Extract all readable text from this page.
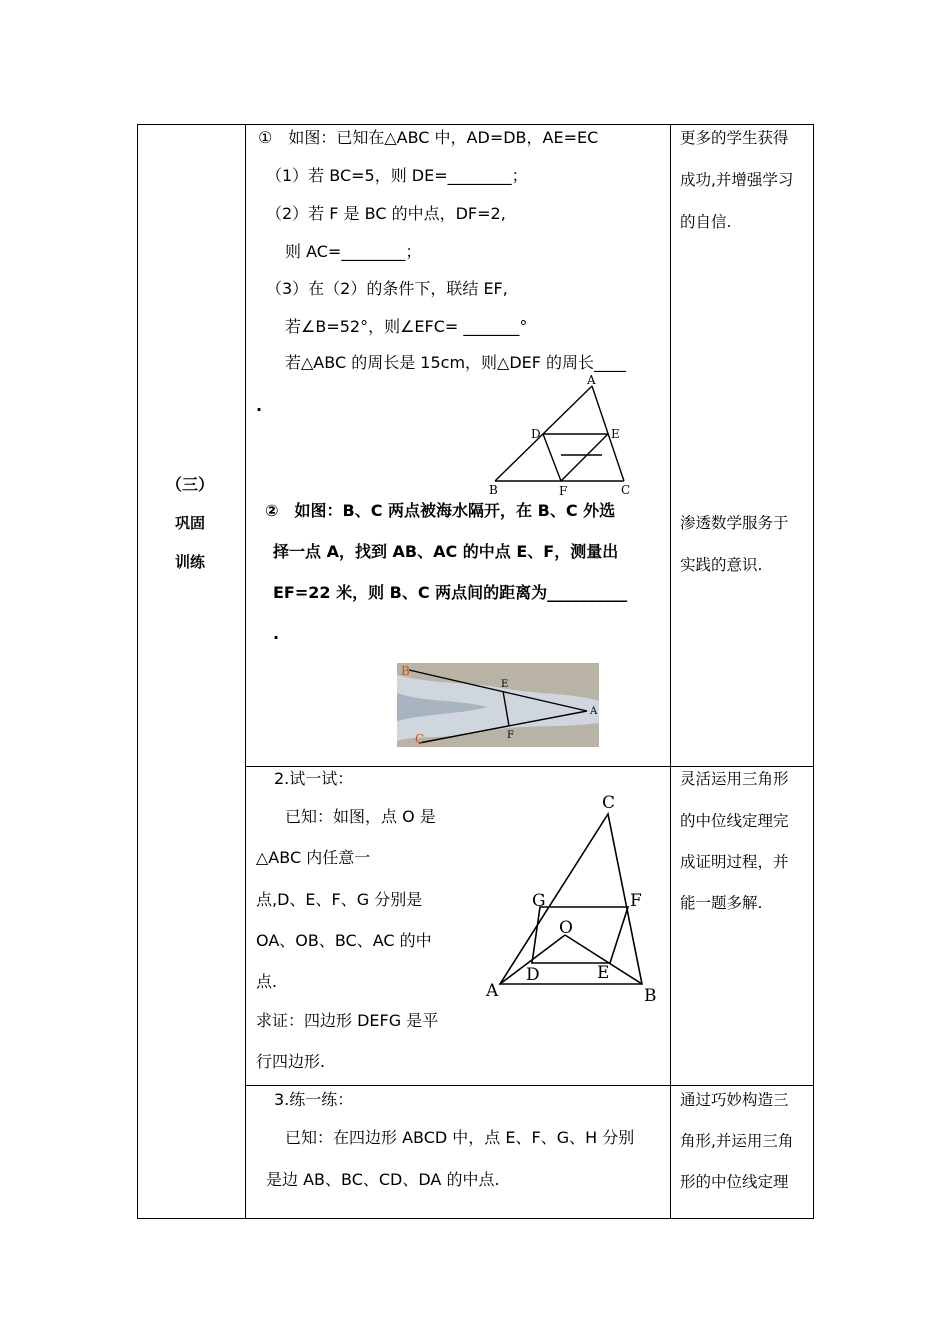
（三）
巩固
训练
①　如图：已知在△ABC 中，AD=DB，AE=EC
（1）若 BC=5，则 DE=________；
（2）若 F 是 BC 的中点，DF=2,
则 AC=________；
（3）在（2）的条件下，联结 EF,
若∠B=52°，则∠EFC= _______°
若△ABC 的周长是 15cm，则△DEF 的周长____
.
A
D	E
B	F	C
②　如图：B、C 两点被海水隔开，在 B、C 外选
择一点 A，找到 AB、AC 的中点 E、F，测量出
EF=22 米，则 B、C 两点间的距离为__________
.
B
C
E
F
A
更多的学生获得
成功,并增强学习
的自信.
渗透数学服务于
实践的意识.
2.试一试：
已知：如图，点 O 是
△ABC 内任意一
点,D、E、F、G 分别是
OA、OB、BC、AC 的中
点.
求证：四边形 DEFG 是平
行四边形.
C
G	F
O
D	E
A	B
灵活运用三角形
的中位线定理完
成证明过程，并
能一题多解.
3.练一练：
已知：在四边形 ABCD 中，点 E、F、G、H 分别
是边 AB、BC、CD、DA 的中点.
通过巧妙构造三
角形,并运用三角
形的中位线定理
